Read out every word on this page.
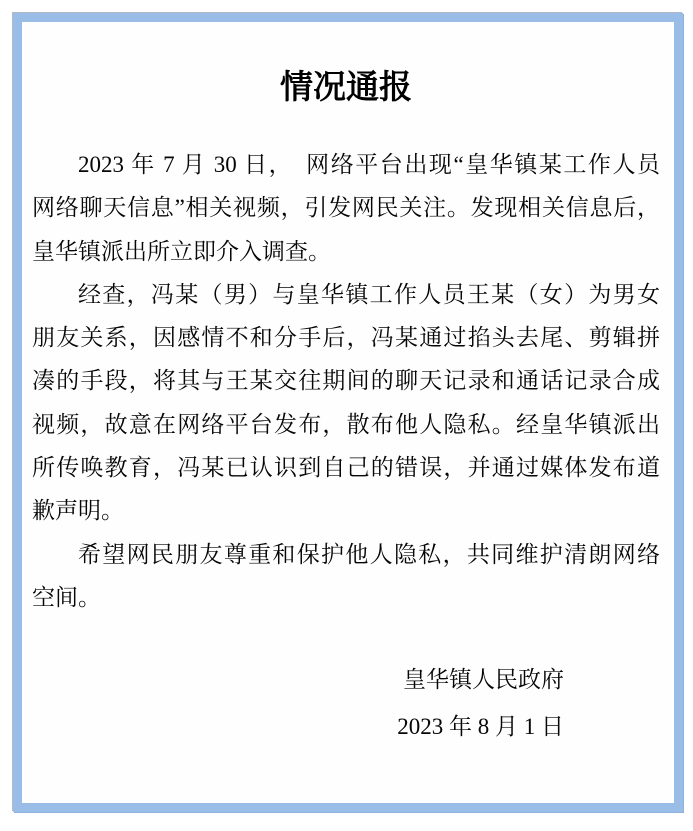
情况通报

2023 年 7 月 30 日，　网络平台出现“皇华镇某工作人员

网络聊天信息”相关视频，引发网民关注。发现相关信息后，

皇华镇派出所立即介入调查。

经查，冯某（男）与皇华镇工作人员王某（女）为男女

朋友关系，因感情不和分手后，冯某通过掐头去尾、剪辑拼

凑的手段，将其与王某交往期间的聊天记录和通话记录合成

视频，故意在网络平台发布，散布他人隐私。经皇华镇派出

所传唤教育，冯某已认识到自己的错误，并通过媒体发布道

歉声明。

希望网民朋友尊重和保护他人隐私，共同维护清朗网络

空间。

皇华镇人民政府

2023 年 8 月 1 日
